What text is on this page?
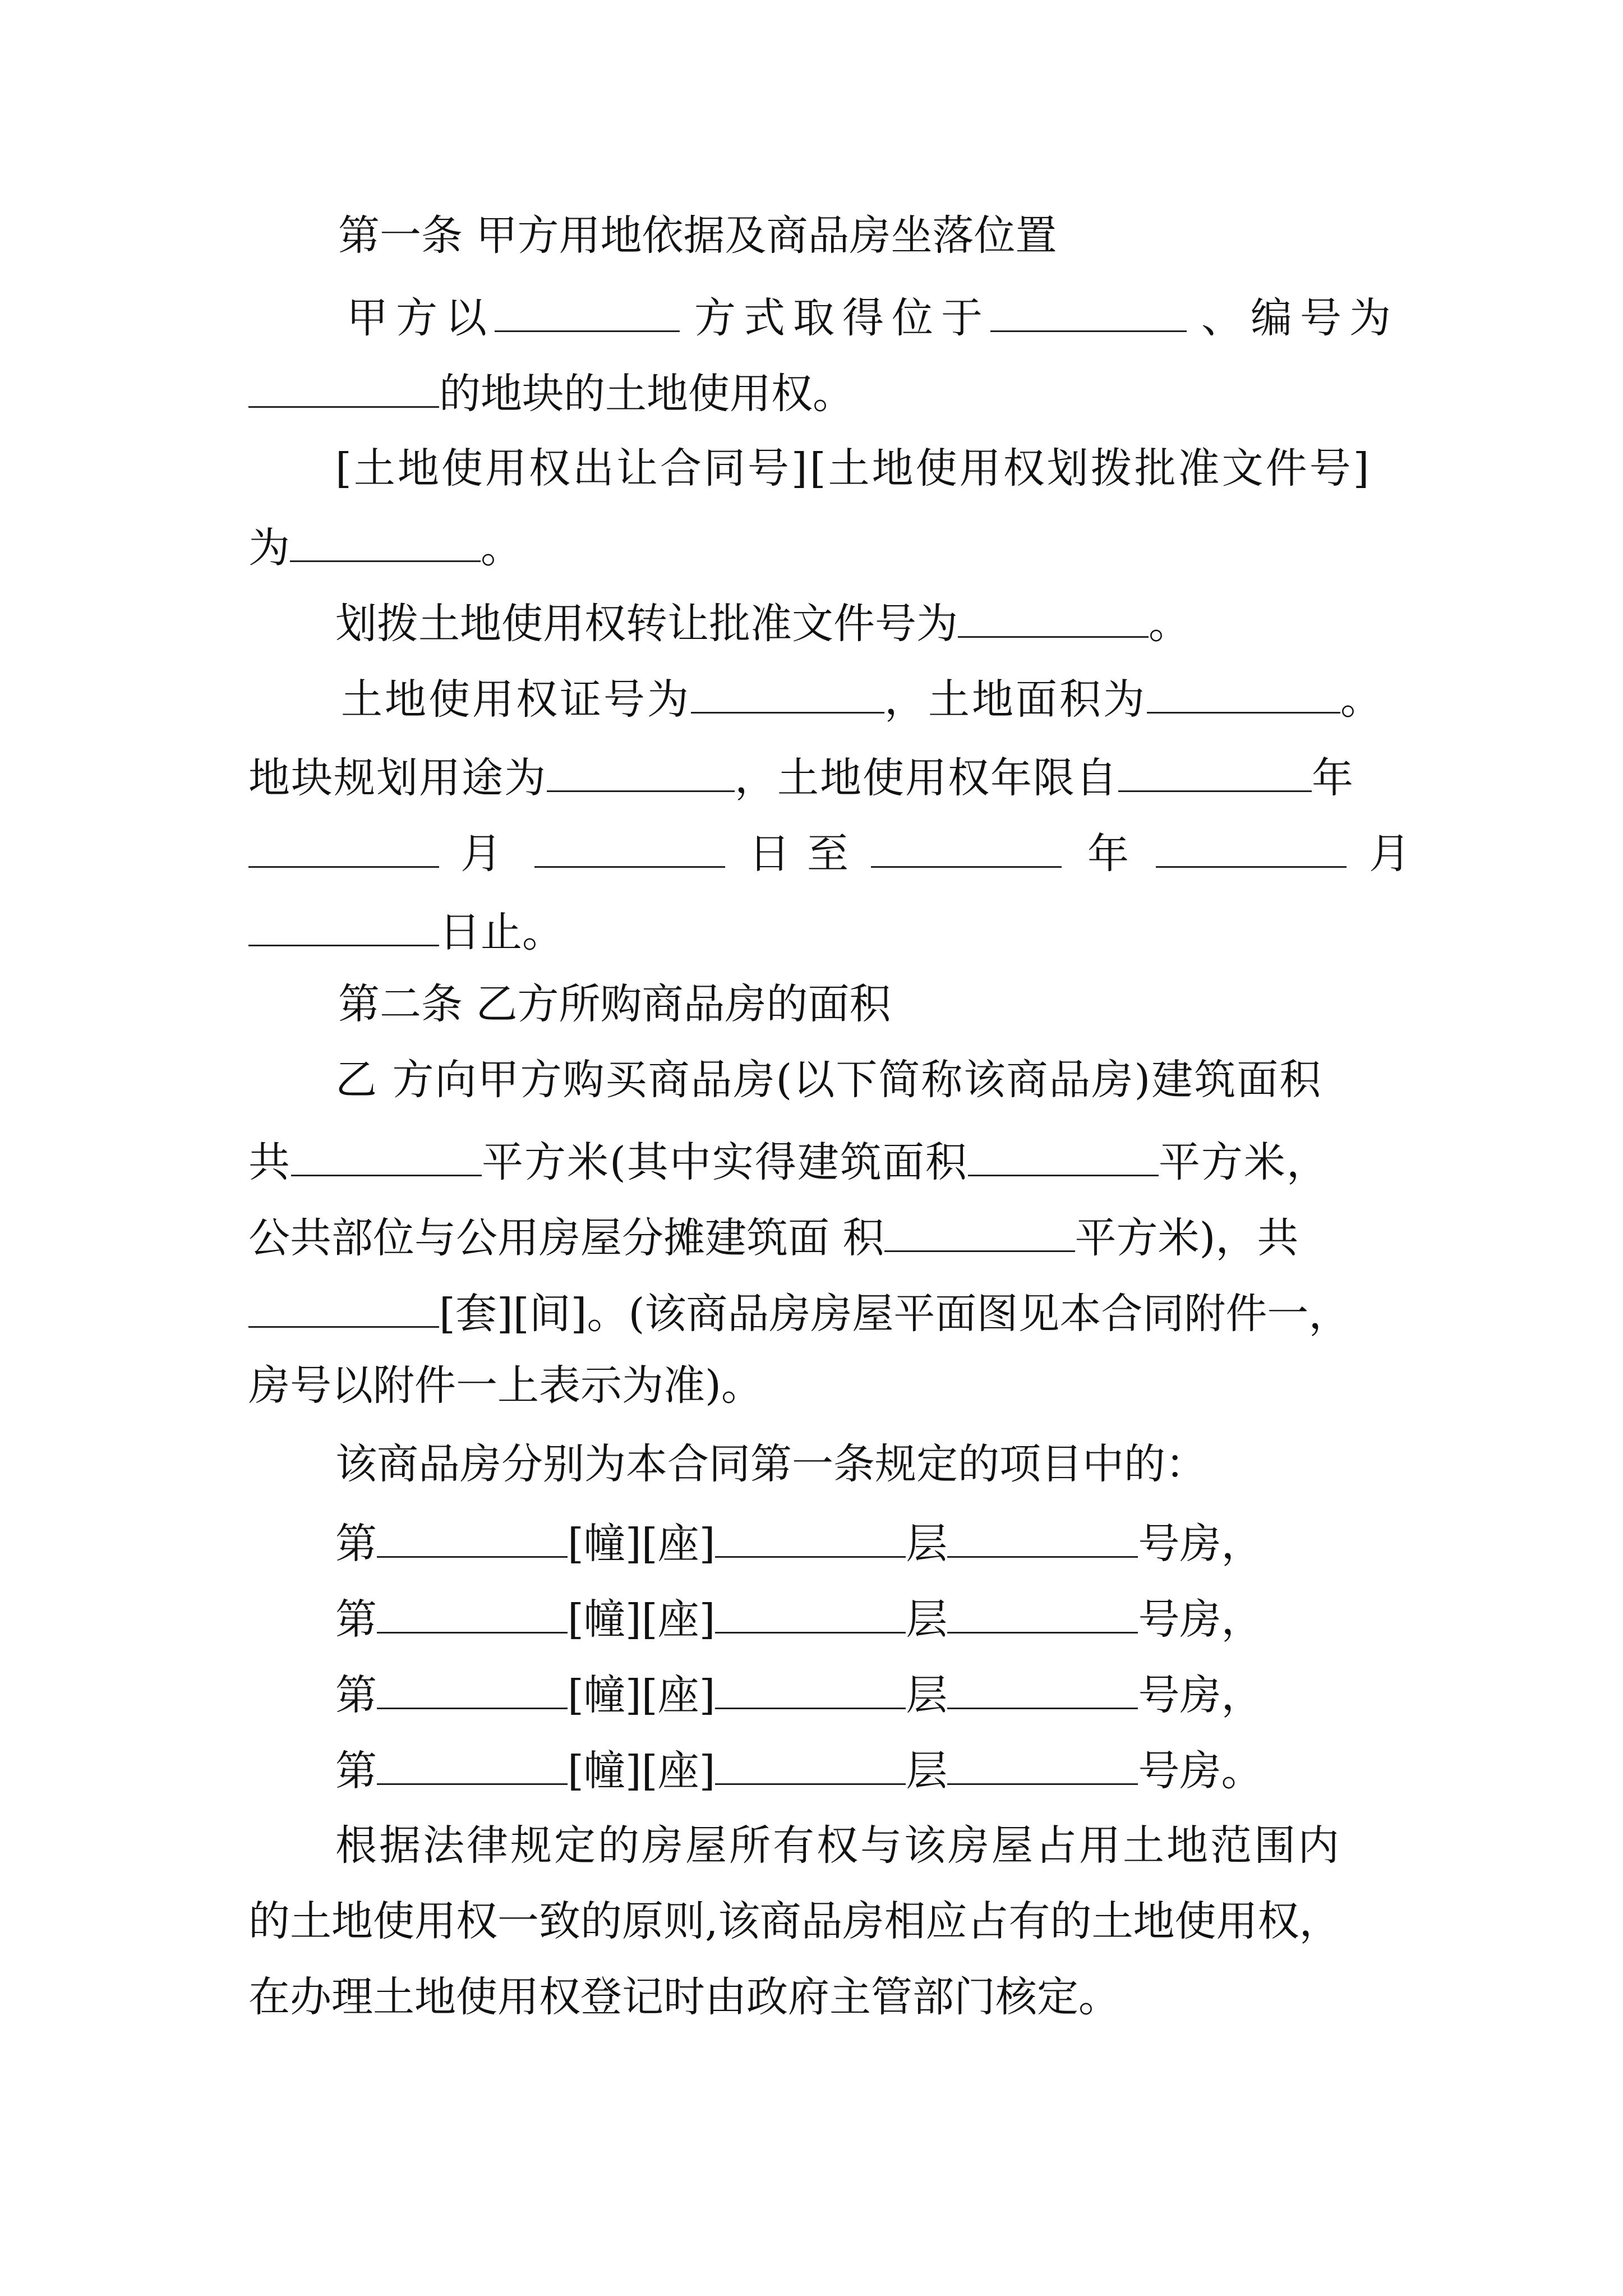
第一条 甲方用地依据及商品房坐落位置
甲方以	方式取得位于	、编号为
的地块的土地使用权。
[土地使用权出让合同号][土地使用权划拨批准文件号]
为	。
划拨土地使用权转让批准文件号为	。
土地使用权证号为	，土地面积为	。
地块规划用途为	，土地使用权年限自	年
月	日至	年	月
日止。
第二条 乙方所购商品房的面积
乙 方向甲方购买商品房(以下简称该商品房)建筑面积
共	平方米(其中实得建筑面积	平方米，
公共部位与公用房屋分摊建筑面 积	平方米)，共
[套][间]。(该商品房房屋平面图见本合同附件一，
房号以附件一上表示为准)。
该商品房分别为本合同第一条规定的项目中的：
第	[幢][座]	层	号房，
第	[幢][座]	层	号房，
第	[幢][座]	层	号房，
第	[幢][座]	层	号房。
根据法律规定的房屋所有权与该房屋占用土地范围内
的土地使用权一致的原则,该商品房相应占有的土地使用权，
在办理土地使用权登记时由政府主管部门核定。
